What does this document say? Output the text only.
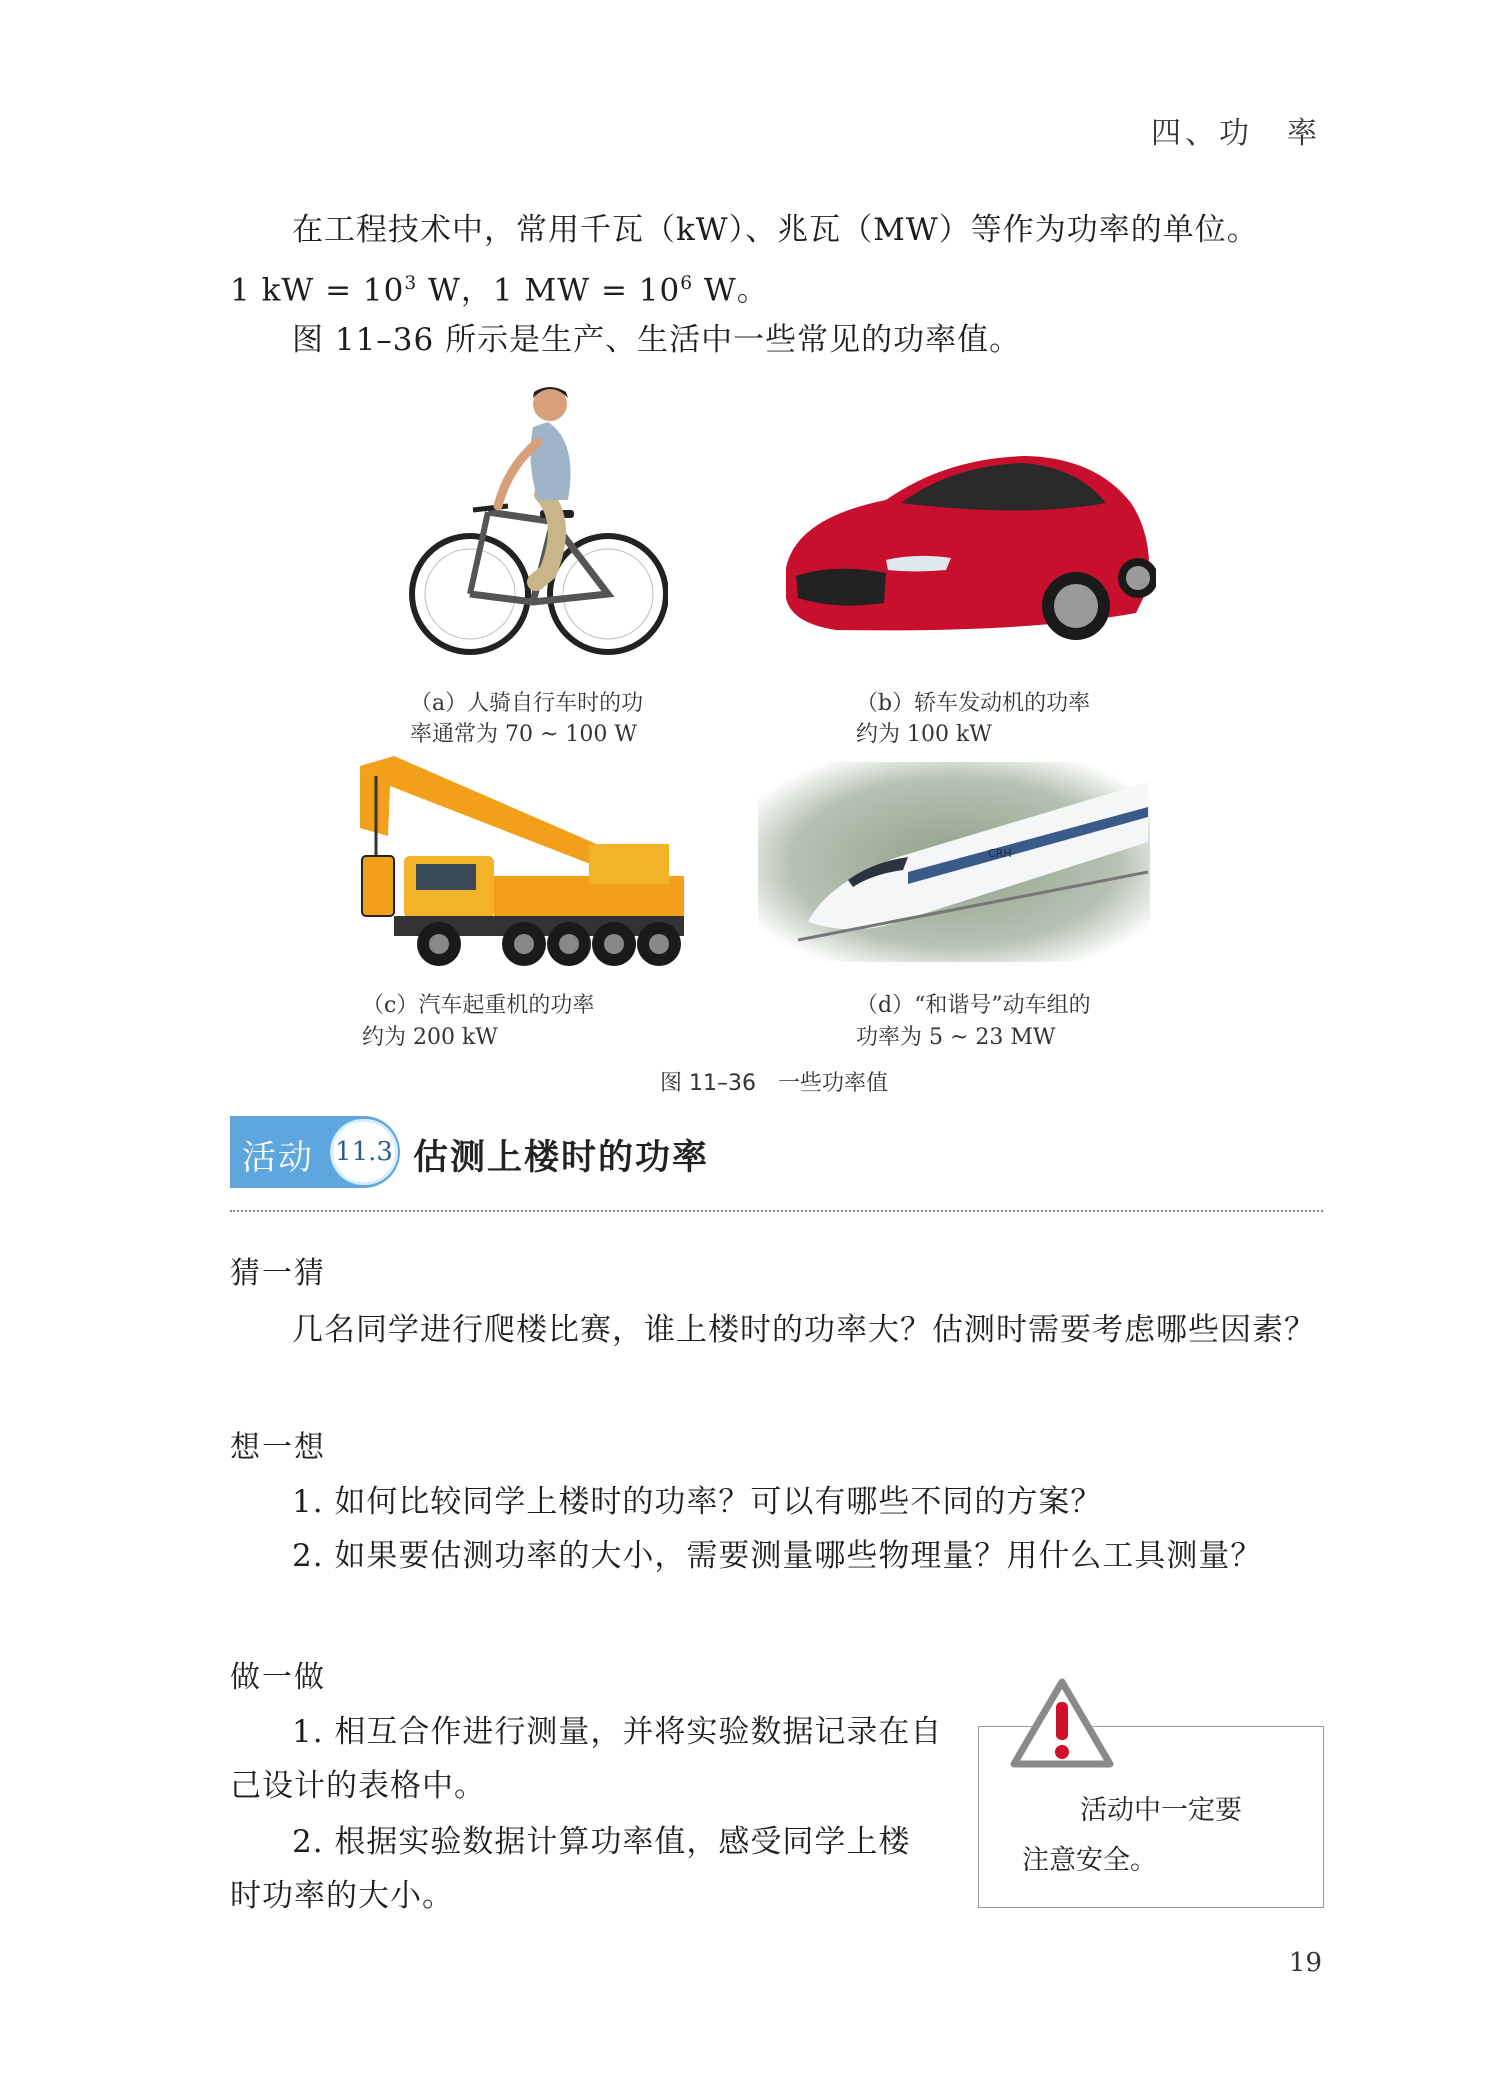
四、功　率
在工程技术中，常用千瓦（kW）、兆瓦（MW）等作为功率的单位。
1 kW = $10^3$ W，1 MW = $10^6$ W。
图 11–36 所示是生产、生活中一些常见的功率值。
（a）人骑自行车时的功
率通常为 70 ~ 100 W
（b）轿车发动机的功率
约为 100 kW
（c）汽车起重机的功率
约为 200 kW
CRH
（d）“和谐号”动车组的
功率为 5 ~ 23 MW
图 11–36　一些功率值
活动 11.3 估测上楼时的功率
猜一猜
几名同学进行爬楼比赛，谁上楼时的功率大？估测时需要考虑哪些因素？
想一想
1. 如何比较同学上楼时的功率？可以有哪些不同的方案？
2. 如果要估测功率的大小，需要测量哪些物理量？用什么工具测量？
做一做
1. 相互合作进行测量，并将实验数据记录在自
己设计的表格中。
2. 根据实验数据计算功率值，感受同学上楼
时功率的大小。
活动中一定要
注意安全。
19
